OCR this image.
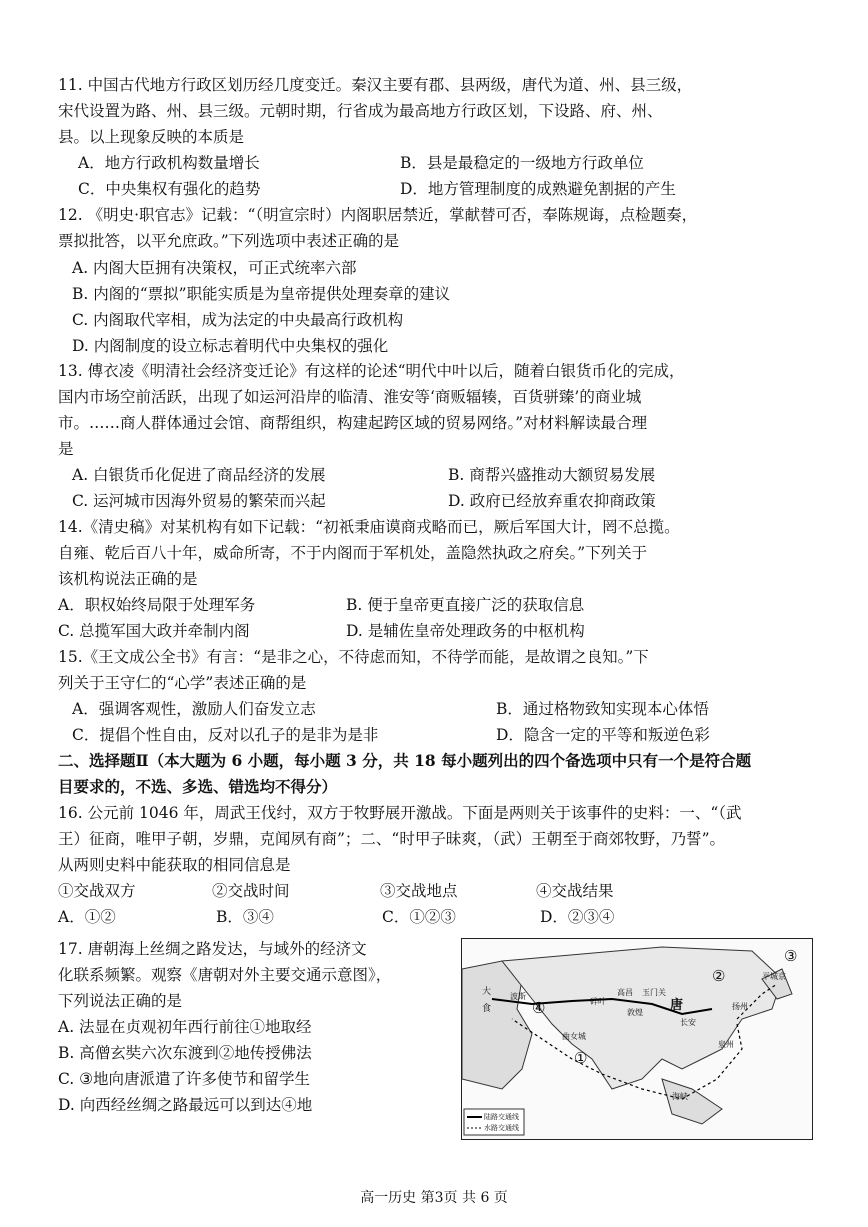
11. 中国古代地方行政区划历经几度变迁。秦汉主要有郡、县两级，唐代为道、州、县三级，
宋代设置为路、州、县三级。元朝时期，行省成为最高地方行政区划，下设路、府、州、
县。以上现象反映的本质是
A．地方行政机构数量增长	B．县是最稳定的一级地方行政单位
C．中央集权有强化的趋势	D．地方管理制度的成熟避免割据的产生
12. 《明史·职官志》记载：“（明宣宗时）内阁职居禁近，掌献替可否，奉陈规诲，点检题奏，
票拟批答，以平允庶政。”下列选项中表述正确的是
A. 内阁大臣拥有决策权，可正式统率六部
B. 内阁的“票拟”职能实质是为皇帝提供处理奏章的建议
C. 内阁取代宰相，成为法定的中央最高行政机构
D. 内阁制度的设立标志着明代中央集权的强化
13. 傅衣凌《明清社会经济变迁论》有这样的论述“明代中叶以后，随着白银货币化的完成，
国内市场空前活跃，出现了如运河沿岸的临清、淮安等‘商贩辐辏，百货骈臻’的商业城
市。……商人群体通过会馆、商帮组织，构建起跨区域的贸易网络。”对材料解读最合理
是
A. 白银货币化促进了商品经济的发展	B. 商帮兴盛推动大额贸易发展
C. 运河城市因海外贸易的繁荣而兴起	D. 政府已经放弃重农抑商政策
14.《清史稿》对某机构有如下记载：“初祇秉庙谟商戎略而已，厥后军国大计，罔不总揽。
自雍、乾后百八十年，威命所寄，不于内阁而于军机处，盖隐然执政之府矣。”下列关于
该机构说法正确的是
A．职权始终局限于处理军务	B. 便于皇帝更直接广泛的获取信息
C. 总揽军国大政并牵制内阁	D. 是辅佐皇帝处理政务的中枢机构
15.《王文成公全书》有言：“是非之心，不待虑而知，不待学而能，是故谓之良知。”下
列关于王守仁的“心学”表述正确的是
A．强调客观性，激励人们奋发立志	B．通过格物致知实现本心体悟
C．提倡个性自由，反对以孔子的是非为是非	D．隐含一定的平等和叛逆色彩
二、选择题Ⅱ（本大题为 6 小题，每小题 3 分，共 18 每小题列出的四个备选项中只有一个是符合题
目要求的，不选、多选、错选均不得分）
16. 公元前 1046 年，周武王伐纣，双方于牧野展开激战。下面是两则关于该事件的史料：一、“（武
王）征商，唯甲子朝，岁鼎，克闻夙有商”；二、“时甲子昧爽，（武）王朝至于商郊牧野，乃誓”。
从两则史料中能获取的相同信息是
①交战双方	②交战时间	③交战地点	④交战结果
A．①②	B．③④	C．①②③	D．②③④
17. 唐朝海上丝绸之路发达，与域外的经济文
化联系频繁。观察《唐朝对外主要交通示意图》，
下列说法正确的是
A. 法显在贞观初年西行前往①地取经
B. 高僧玄奘六次东渡到②地传授佛法
C. ③地向唐派遣了许多使节和留学生
D. 向西经丝绸之路最远可以到达④地
唐
长安
扬州
平城京
碎叶
高昌
敦煌
玉门关
曲女城
大
食
波斯
海峡
泉州
④
①
②
③
陆路交通线
水路交通线
高一历史 第3页 共 6 页
